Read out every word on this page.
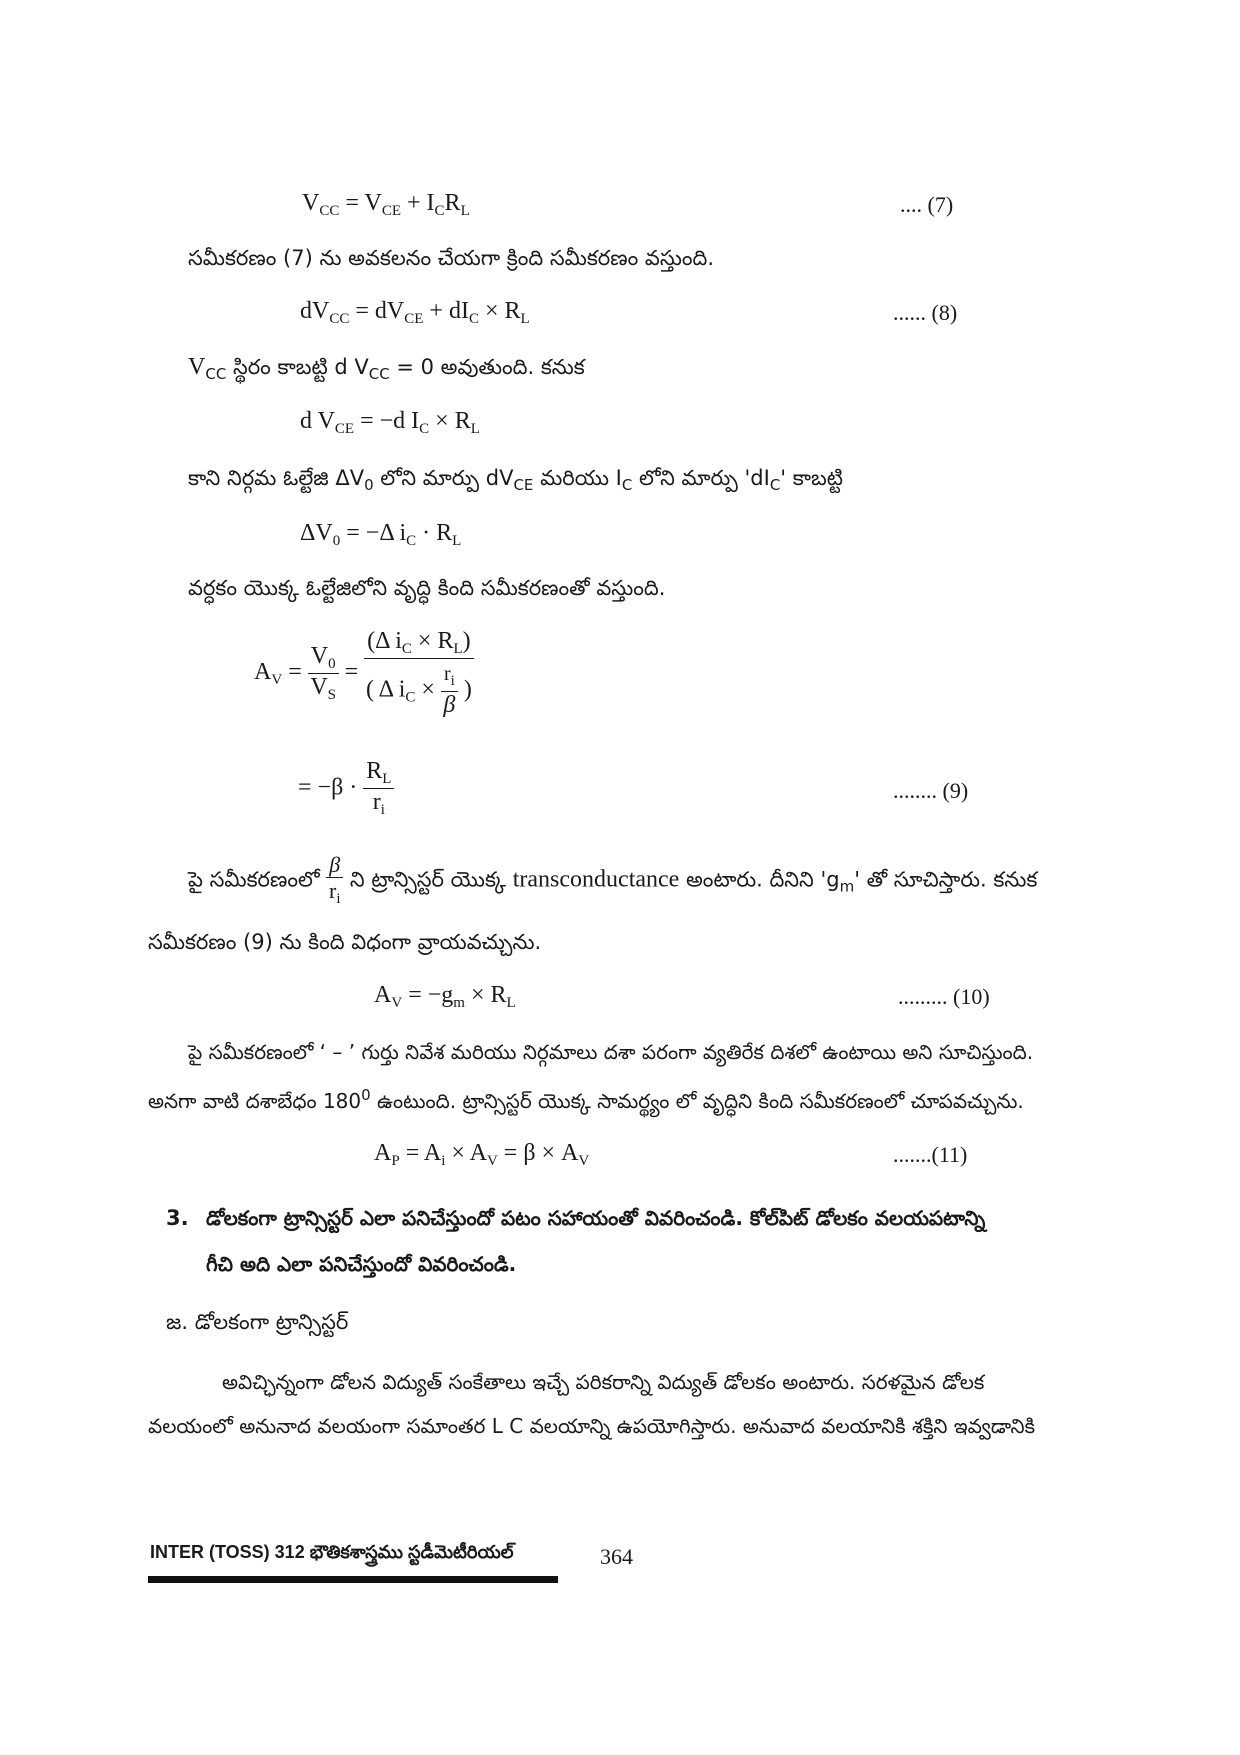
$V_{CC} = V_{CE} + I_CR_L$	.... (7)
సమీకరణం (7) ను అవకలనం చేయగా క్రింది సమీకరణం వస్తుంది.
$dV_{CC} = dV_{CE} + dI_C \times R_L$	...... (8)
$V_{CC}$ స్థిరం కాబట్టి d $V_{CC} = 0$ అవుతుంది. కనుక
d $V_{CE} = -d$ $I_C \times R_L$
కాని నిర్గమ ఓల్టేజి $\Delta V_0$ లోని మార్పు $dV_{CE}$ మరియు $I_C$ లోని మార్పు '$dI_C$' కాబట్టి
$\Delta V_0 = -\Delta$ $i_C \cdot R_L$
వర్ధకం యొక్క ఓల్టేజిలోని వృద్ధి కింది సమీకరణంతో వస్తుంది.
$A_V = \frac{V_0}{V_S} = \frac{(\Delta i_C \times R_L)}{( \Delta i_C \times \frac{r_i}{\beta} )}$
= $-\beta \cdot \frac{R_L}{r_i}$	........ (9)
పై సమీకరణంలో $\frac{\beta}{r_i}$ ని ట్రాన్సిస్టర్ యొక్క transconductance అంటారు. దీనిని '$g_m$' తో సూచిస్తారు. కనుక
సమీకరణం (9) ను కింది విధంగా వ్రాయవచ్చును.
$A_V = -g_m \times R_L$	......... (10)
పై సమీకరణంలో ‘ – ’ గుర్తు నివేశ మరియు నిర్గమాలు దశా పరంగా వ్యతిరేక దిశలో ఉంటాయి అని సూచిస్తుంది.
అనగా వాటి దశాబేధం $180^0$ ఉంటుంది. ట్రాన్సిస్టర్ యొక్క సామర్థ్యం లో వృద్ధిని కింది సమీకరణంలో చూపవచ్చును.
$A_P = A_i \times A_V = \beta \times A_V$	.......(11)
3. డోలకంగా ట్రాన్సిస్టర్ ఎలా పనిచేస్తుందో పటం సహాయంతో వివరించండి. కోల్‌పిట్ డోలకం వలయపటాన్ని
గీచి అది ఎలా పనిచేస్తుందో వివరించండి.
జ. డోలకంగా ట్రాన్సిస్టర్
అవిచ్ఛిన్నంగా డోలన విద్యుత్ సంకేతాలు ఇచ్చే పరికరాన్ని విద్యుత్ డోలకం అంటారు. సరళమైన డోలక
వలయంలో అనునాద వలయంగా సమాంతర L C వలయాన్ని ఉపయోగిస్తారు. అనువాద వలయానికి శక్తిని ఇవ్వడానికి
INTER (TOSS) 312 భౌతికశాస్త్రము స్టడీమెటీరియల్	364
